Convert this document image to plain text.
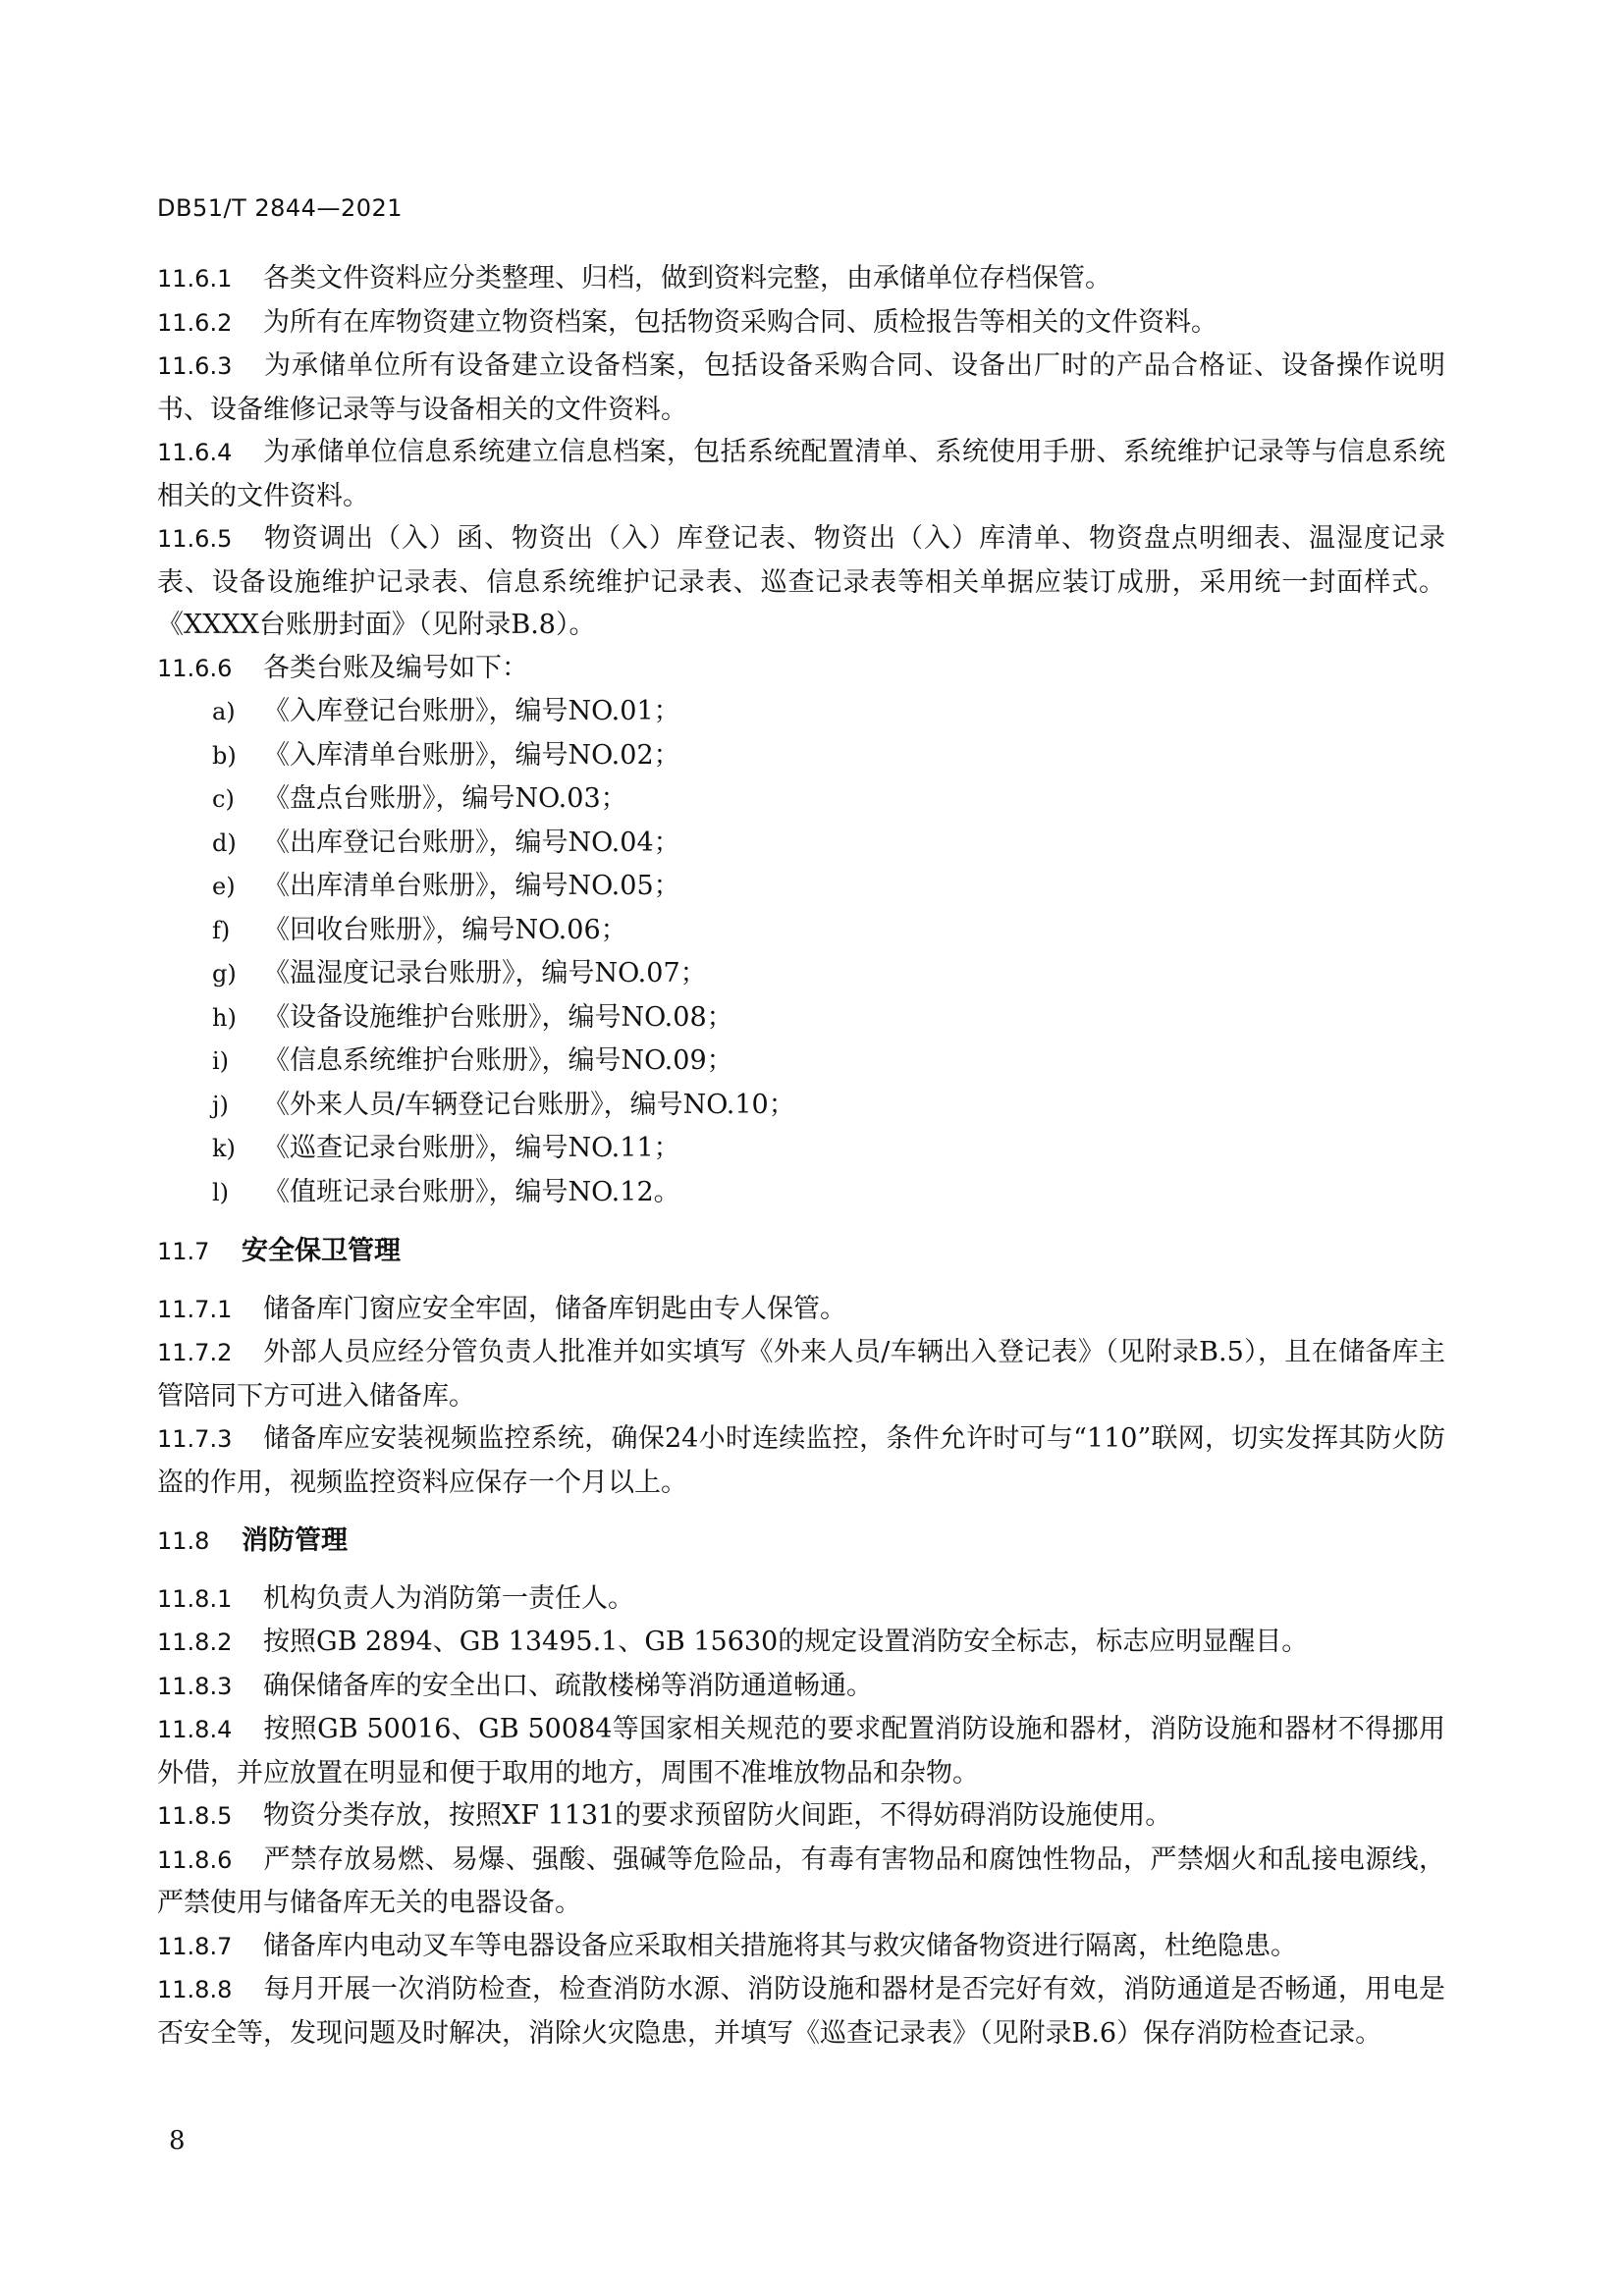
DB51/T 2844—2021

11.6.1 各类文件资料应分类整理、归档，做到资料完整，由承储单位存档保管。

11.6.2 为所有在库物资建立物资档案，包括物资采购合同、质检报告等相关的文件资料。

11.6.3 为承储单位所有设备建立设备档案，包括设备采购合同、设备出厂时的产品合格证、设备操作说明书、设备维修记录等与设备相关的文件资料。

11.6.4 为承储单位信息系统建立信息档案，包括系统配置清单、系统使用手册、系统维护记录等与信息系统相关的文件资料。

11.6.5 物资调出（入）函、物资出（入）库登记表、物资出（入）库清单、物资盘点明细表、温湿度记录表、设备设施维护记录表、信息系统维护记录表、巡查记录表等相关单据应装订成册，采用统一封面样式。《XXXX台账册封面》（见附录B.8）。

11.6.6 各类台账及编号如下：

a) 《入库登记台账册》，编号NO.01；
b) 《入库清单台账册》，编号NO.02；
c) 《盘点台账册》，编号NO.03；
d) 《出库登记台账册》，编号NO.04；
e) 《出库清单台账册》，编号NO.05；
f) 《回收台账册》，编号NO.06；
g) 《温湿度记录台账册》，编号NO.07；
h) 《设备设施维护台账册》，编号NO.08；
i) 《信息系统维护台账册》，编号NO.09；
j) 《外来人员/车辆登记台账册》，编号NO.10；
k) 《巡查记录台账册》，编号NO.11；
l) 《值班记录台账册》，编号NO.12。
11.7 安全保卫管理

11.7.1 储备库门窗应安全牢固，储备库钥匙由专人保管。

11.7.2 外部人员应经分管负责人批准并如实填写《外来人员/车辆出入登记表》（见附录B.5），且在储备库主管陪同下方可进入储备库。

11.7.3 储备库应安装视频监控系统，确保24小时连续监控，条件允许时可与“110”联网，切实发挥其防火防盗的作用，视频监控资料应保存一个月以上。

11.8 消防管理

11.8.1 机构负责人为消防第一责任人。

11.8.2 按照GB 2894、GB 13495.1、GB 15630的规定设置消防安全标志，标志应明显醒目。

11.8.3 确保储备库的安全出口、疏散楼梯等消防通道畅通。

11.8.4 按照GB 50016、GB 50084等国家相关规范的要求配置消防设施和器材，消防设施和器材不得挪用外借，并应放置在明显和便于取用的地方，周围不准堆放物品和杂物。

11.8.5 物资分类存放，按照XF 1131的要求预留防火间距，不得妨碍消防设施使用。

11.8.6 严禁存放易燃、易爆、强酸、强碱等危险品，有毒有害物品和腐蚀性物品，严禁烟火和乱接电源线，严禁使用与储备库无关的电器设备。

11.8.7 储备库内电动叉车等电器设备应采取相关措施将其与救灾储备物资进行隔离，杜绝隐患。

11.8.8 每月开展一次消防检查，检查消防水源、消防设施和器材是否完好有效，消防通道是否畅通，用电是否安全等，发现问题及时解决，消除火灾隐患，并填写《巡查记录表》（见附录B.6）保存消防检查记录。

8
